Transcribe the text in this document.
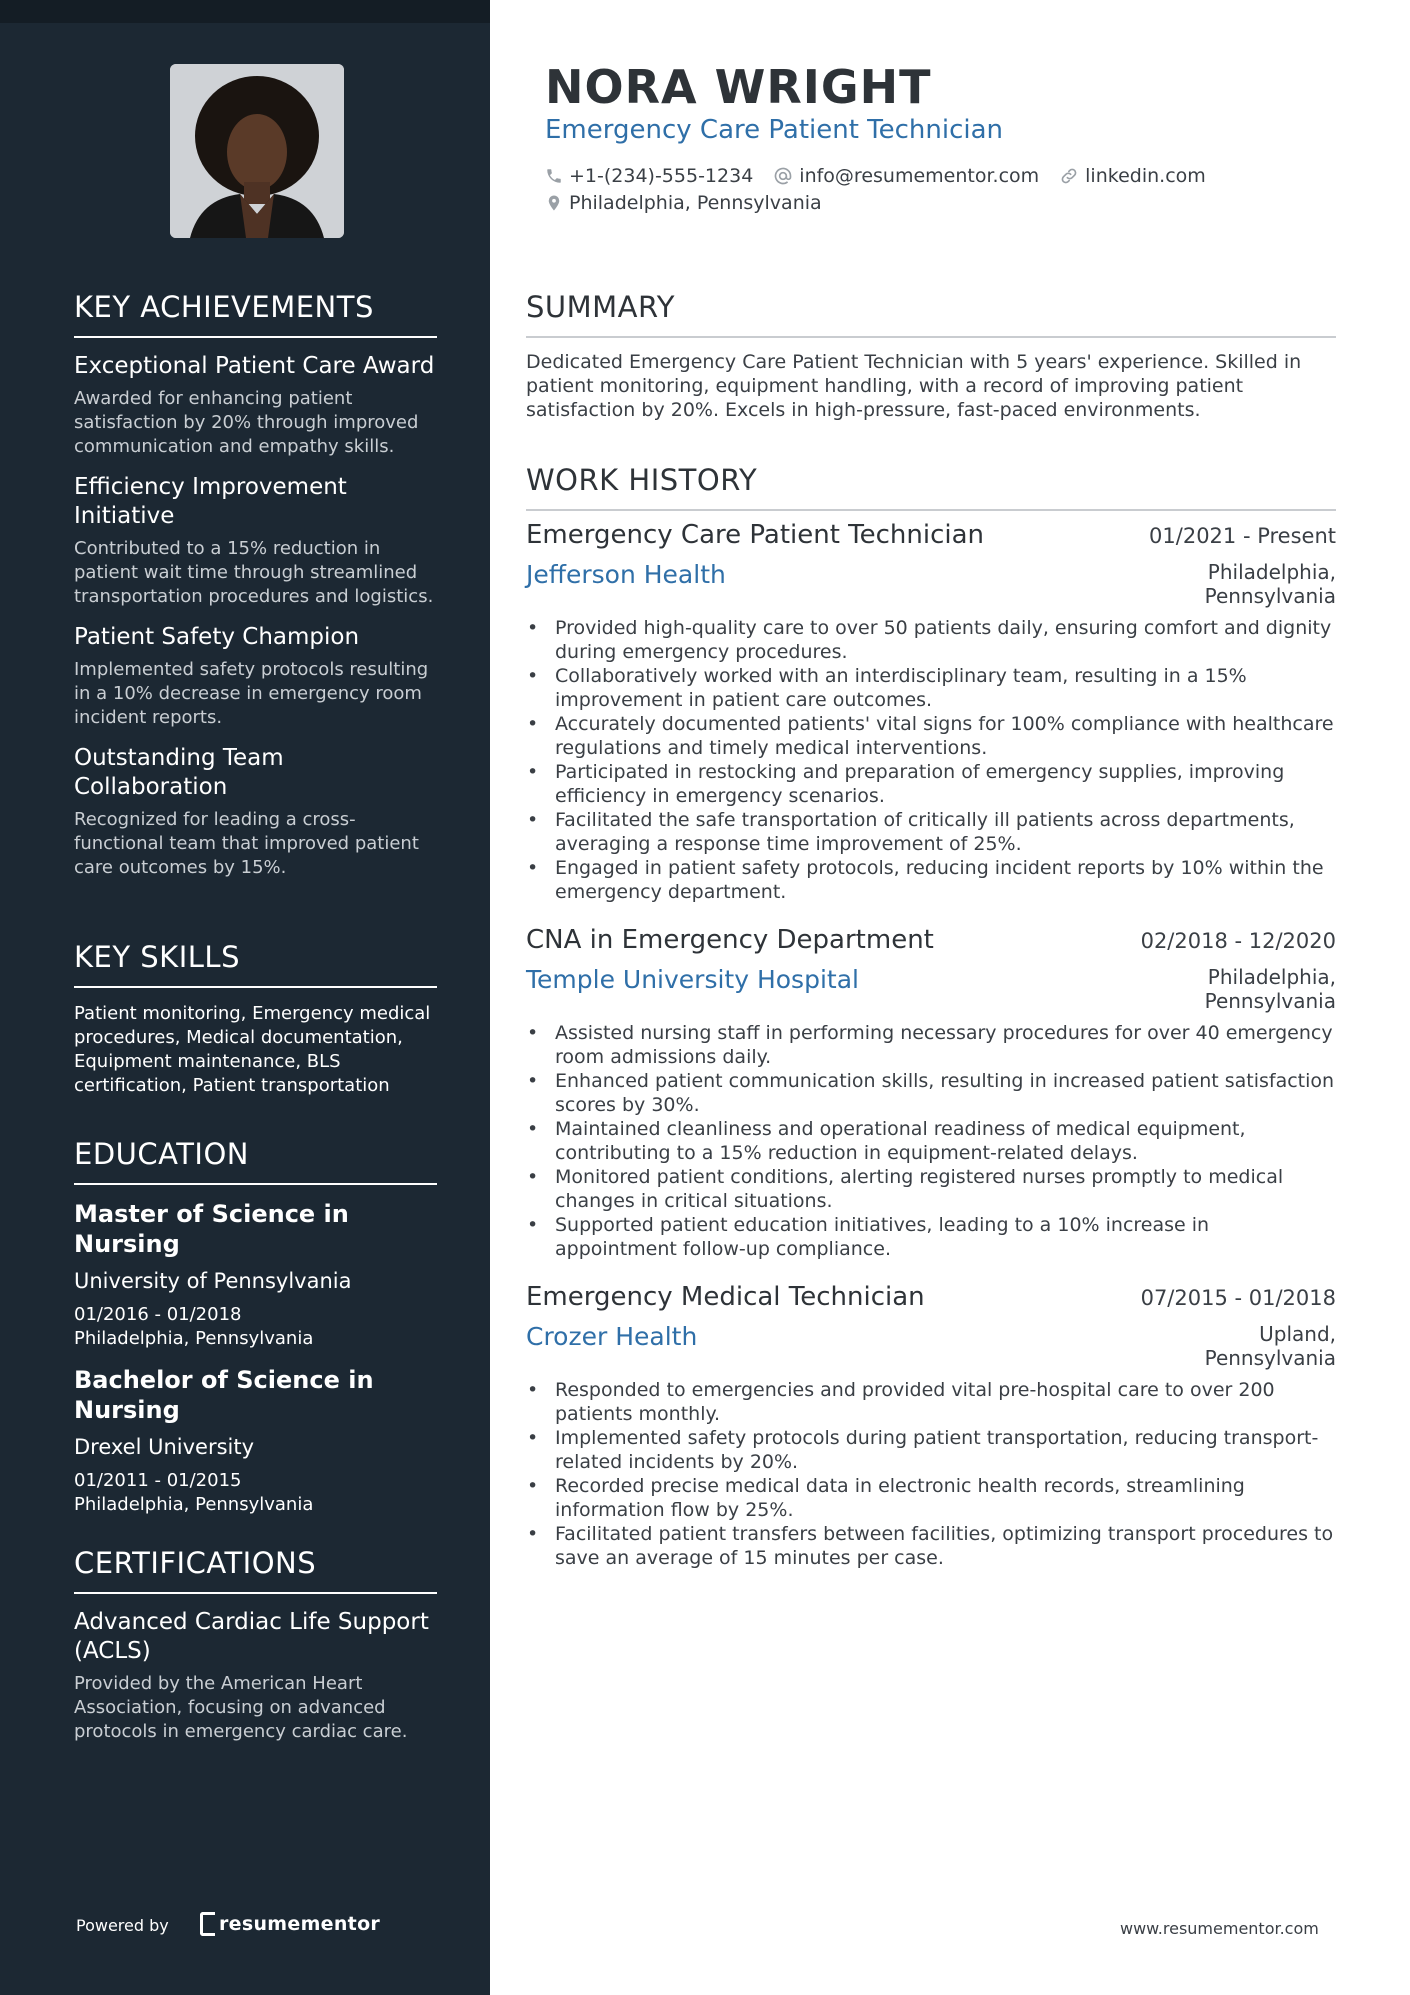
KEY ACHIEVEMENTS
Exceptional Patient Care Award
Awarded for enhancing patient satisfaction by 20% through improved communication and empathy skills.
Efficiency Improvement Initiative
Contributed to a 15% reduction in patient wait time through streamlined transportation procedures and logistics.
Patient Safety Champion
Implemented safety protocols resulting in a 10% decrease in emergency room incident reports.
Outstanding Team Collaboration
Recognized for leading a cross-functional team that improved patient care outcomes by 15%.
KEY SKILLS
Patient monitoring, Emergency medical procedures, Medical documentation, Equipment maintenance, BLS certification, Patient transportation
EDUCATION
Master of Science in Nursing
University of Pennsylvania
01/2016 - 01/2018
Philadelphia, Pennsylvania
Bachelor of Science in Nursing
Drexel University
01/2011 - 01/2015
Philadelphia, Pennsylvania
CERTIFICATIONS
Advanced Cardiac Life Support (ACLS)
Provided by the American Heart Association, focusing on advanced protocols in emergency cardiac care.
Powered by	resumementor
NORA WRIGHT
Emergency Care Patient Technician
+1-(234)-555-1234 info@resumementor.com linkedin.com
Philadelphia, Pennsylvania
SUMMARY
Dedicated Emergency Care Patient Technician with 5 years' experience. Skilled in patient monitoring, equipment handling, with a record of improving patient satisfaction by 20%. Excels in high-pressure, fast-paced environments.
WORK HISTORY
Emergency Care Patient Technician	01/2021 - Present
Jefferson Health	Philadelphia, Pennsylvania
• Provided high-quality care to over 50 patients daily, ensuring comfort and dignity during emergency procedures.
• Collaboratively worked with an interdisciplinary team, resulting in a 15% improvement in patient care outcomes.
• Accurately documented patients' vital signs for 100% compliance with healthcare regulations and timely medical interventions.
• Participated in restocking and preparation of emergency supplies, improving efficiency in emergency scenarios.
• Facilitated the safe transportation of critically ill patients across departments, averaging a response time improvement of 25%.
• Engaged in patient safety protocols, reducing incident reports by 10% within the emergency department.
CNA in Emergency Department	02/2018 - 12/2020
Temple University Hospital	Philadelphia, Pennsylvania
• Assisted nursing staff in performing necessary procedures for over 40 emergency room admissions daily.
• Enhanced patient communication skills, resulting in increased patient satisfaction scores by 30%.
• Maintained cleanliness and operational readiness of medical equipment, contributing to a 15% reduction in equipment-related delays.
• Monitored patient conditions, alerting registered nurses promptly to medical changes in critical situations.
• Supported patient education initiatives, leading to a 10% increase in appointment follow-up compliance.
Emergency Medical Technician	07/2015 - 01/2018
Crozer Health	Upland, Pennsylvania
• Responded to emergencies and provided vital pre-hospital care to over 200 patients monthly.
• Implemented safety protocols during patient transportation, reducing transport-related incidents by 20%.
• Recorded precise medical data in electronic health records, streamlining information flow by 25%.
• Facilitated patient transfers between facilities, optimizing transport procedures to save an average of 15 minutes per case.
www.resumementor.com
